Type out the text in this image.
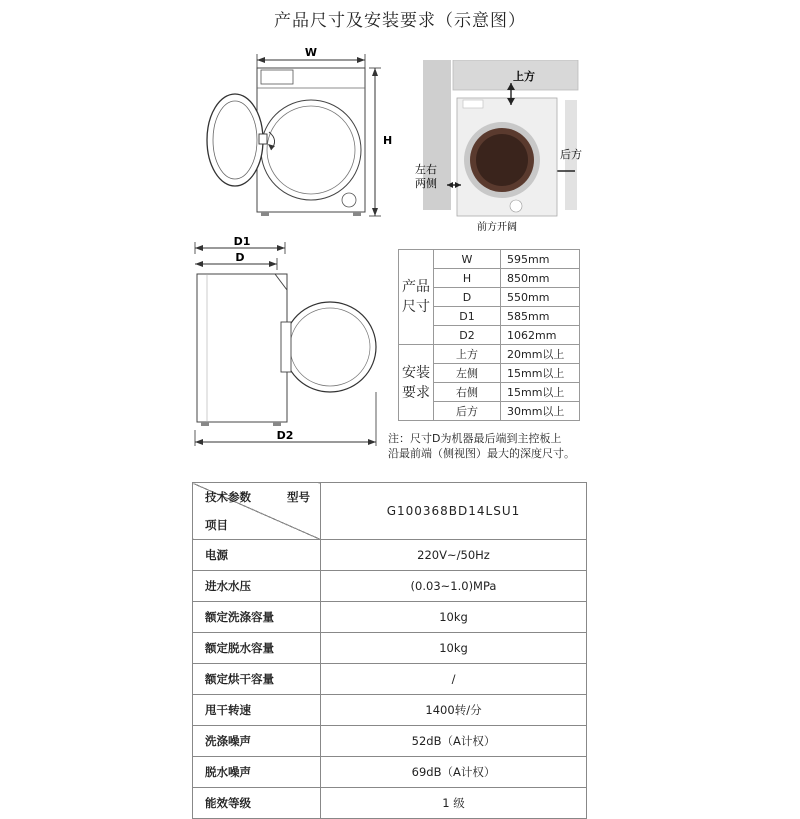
产品尺寸及安装要求（示意图）
W
H
上方
左右
两侧
后方
前方开阔
D1
D
D2
产品尺寸	W	595mm
	H	850mm
	D	550mm
	D1	585mm
	D2	1062mm
安装要求	上方	20mm以上
	左侧	15mm以上
	右侧	15mm以上
	后方	30mm以上
注：尺寸D为机器最后端到主控板上
沿最前端（侧视图）最大的深度尺寸。
技术参数 型号
项目	G100368BD14LSU1
电源	220V~/50Hz
进水水压	(0.03~1.0)MPa
额定洗涤容量	10kg
额定脱水容量	10kg
额定烘干容量	/
甩干转速	1400转/分
洗涤噪声	52dB（A计权）
脱水噪声	69dB（A计权）
能效等级	1 级
